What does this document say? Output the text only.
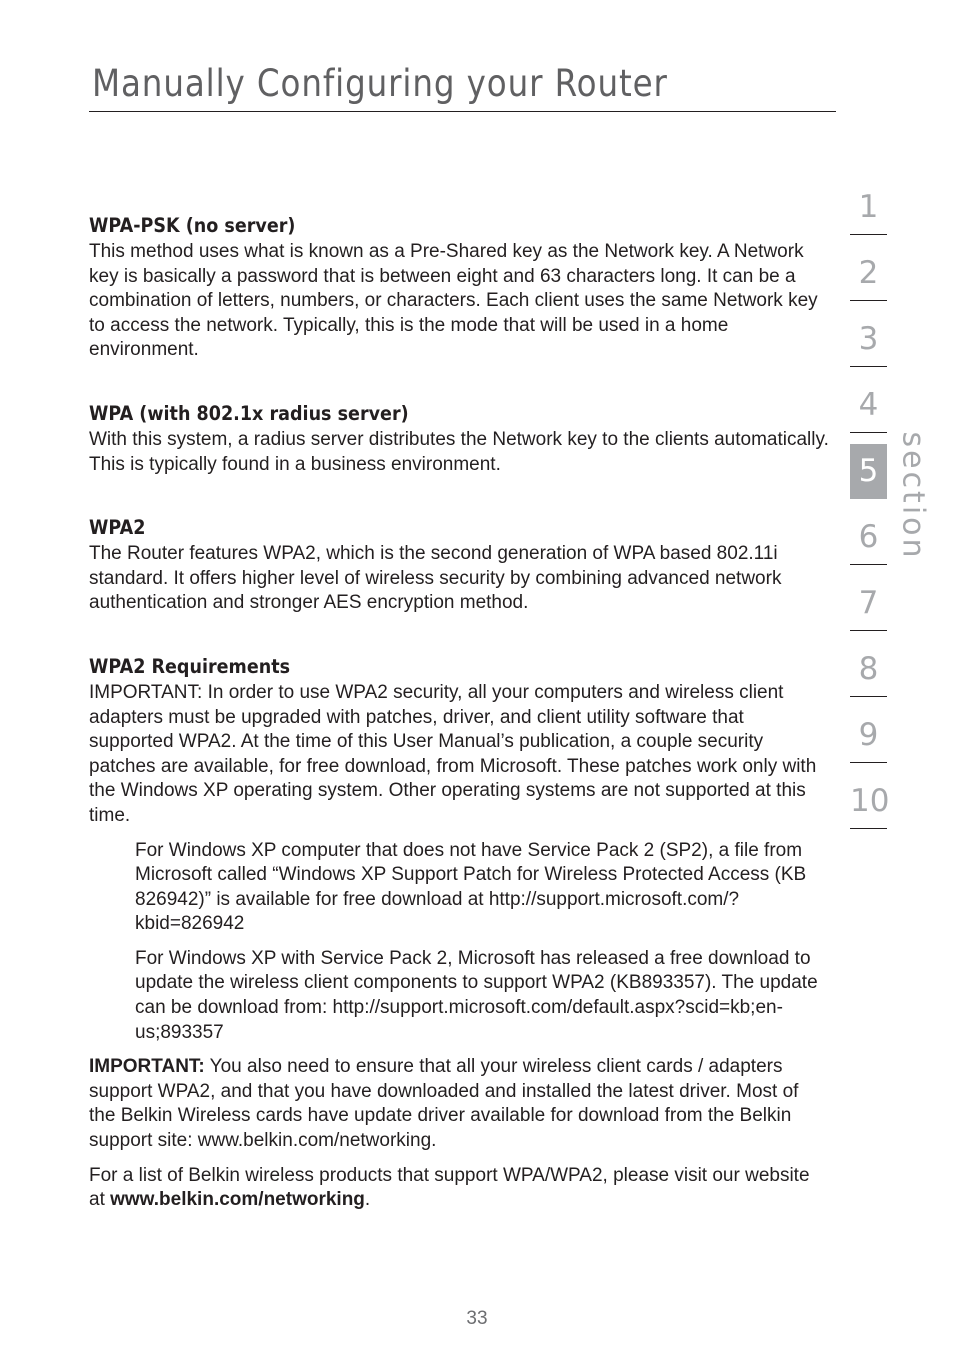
Manually Configuring your Router
WPA-PSK (no server)

This method uses what is known as a Pre-Shared key as the Network key. A Network key is basically a password that is between eight and 63 characters long. It can be a combination of letters, numbers, or characters. Each client uses the same Network key to access the network. Typically, this is the mode that will be used in a home environment.

WPA (with 802.1x radius server)

With this system, a radius server distributes the Network key to the clients automatically. This is typically found in a business environment.

WPA2

The Router features WPA2, which is the second generation of WPA based 802.11i standard. It offers higher level of wireless security by combining advanced network authentication and stronger AES encryption method.

WPA2 Requirements

IMPORTANT: In order to use WPA2 security, all your computers and wireless client adapters must be upgraded with patches, driver, and client utility software that supported WPA2. At the time of this User Manual’s publication, a couple security patches are available, for free download, from Microsoft. These patches work only with the Windows XP operating system. Other operating systems are not supported at this time.

For Windows XP computer that does not have Service Pack 2 (SP2), a file from Microsoft called “Windows XP Support Patch for Wireless Protected Access (KB 826942)” is available for free download at http://support.microsoft.com/?kbid=826942

For Windows XP with Service Pack 2, Microsoft has released a free download to update the wireless client components to support WPA2 (KB893357). The update can be download from: http://support.microsoft.com/default.aspx?scid=kb;en-us;893357

IMPORTANT: You also need to ensure that all your wireless client cards / adapters support WPA2, and that you have downloaded and installed the latest driver. Most of the Belkin Wireless cards have update driver available for download from the Belkin support site: www.belkin.com/networking.

For a list of Belkin wireless products that support WPA/WPA2, please visit our website at www.belkin.com/networking.

1
2
3
4
5
6
7
8
9
10
section
33
